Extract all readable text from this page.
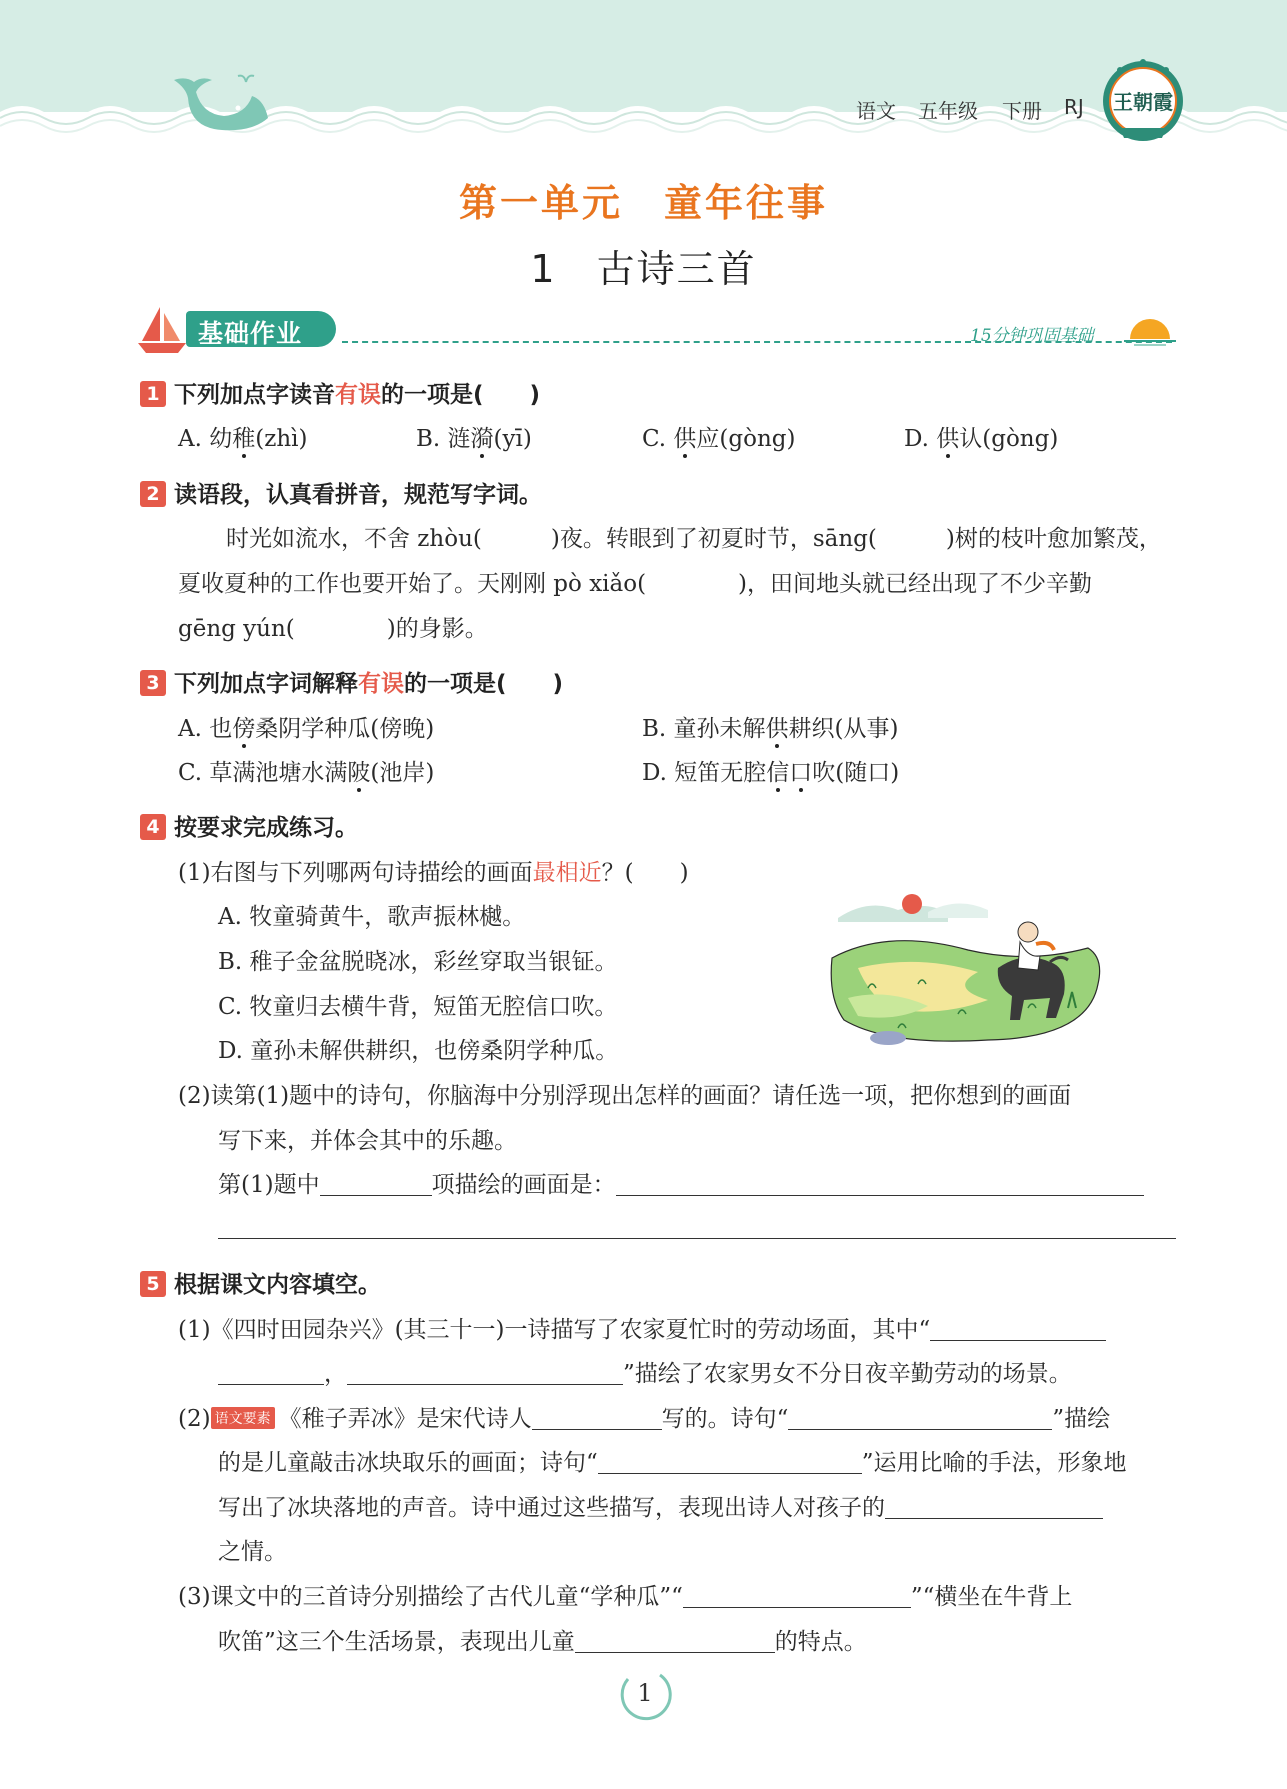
语文 五年级 下册 RJ	王朝霞
第一单元　童年往事
1　古诗三首
基础作业	15分钟巩固基础
1 下列加点字读音有误的一项是(　　)
A. 幼稚(zhì)	B. 涟漪(yī)	C. 供应(gòng)	D. 供认(gòng)
2 读语段，认真看拼音，规范写字词。
时光如流水，不舍 zhòu(　　　)夜。转眼到了初夏时节，sāng(　　　)树的枝叶愈加繁茂，
夏收夏种的工作也要开始了。天刚刚 pò xiǎo(　　　　)，田间地头就已经出现了不少辛勤
gēng yún(　　　　)的身影。
3 下列加点字词解释有误的一项是(　　)
A. 也傍桑阴学种瓜(傍晚)	B. 童孙未解供耕织(从事)
C. 草满池塘水满陂(池岸)	D. 短笛无腔信口吹(随口)
4 按要求完成练习。
(1)右图与下列哪两句诗描绘的画面最相近？(　　)
A. 牧童骑黄牛，歌声振林樾。
B. 稚子金盆脱晓冰，彩丝穿取当银钲。
C. 牧童归去横牛背，短笛无腔信口吹。
D. 童孙未解供耕织，也傍桑阴学种瓜。
(2)读第(1)题中的诗句，你脑海中分别浮现出怎样的画面？请任选一项，把你想到的画面
写下来，并体会其中的乐趣。
第(1)题中	项描绘的画面是：
5 根据课文内容填空。
(1)《四时田园杂兴》(其三十一)一诗描写了农家夏忙时的劳动场面，其中“
，	”描绘了农家男女不分日夜辛勤劳动的场景。
(2) 语文要素 《稚子弄冰》是宋代诗人	写的。诗句“	”描绘
的是儿童敲击冰块取乐的画面；诗句“	”运用比喻的手法，形象地
写出了冰块落地的声音。诗中通过这些描写，表现出诗人对孩子的
之情。
(3)课文中的三首诗分别描绘了古代儿童“学种瓜”“	”“横坐在牛背上
吹笛”这三个生活场景，表现出儿童	的特点。
1
